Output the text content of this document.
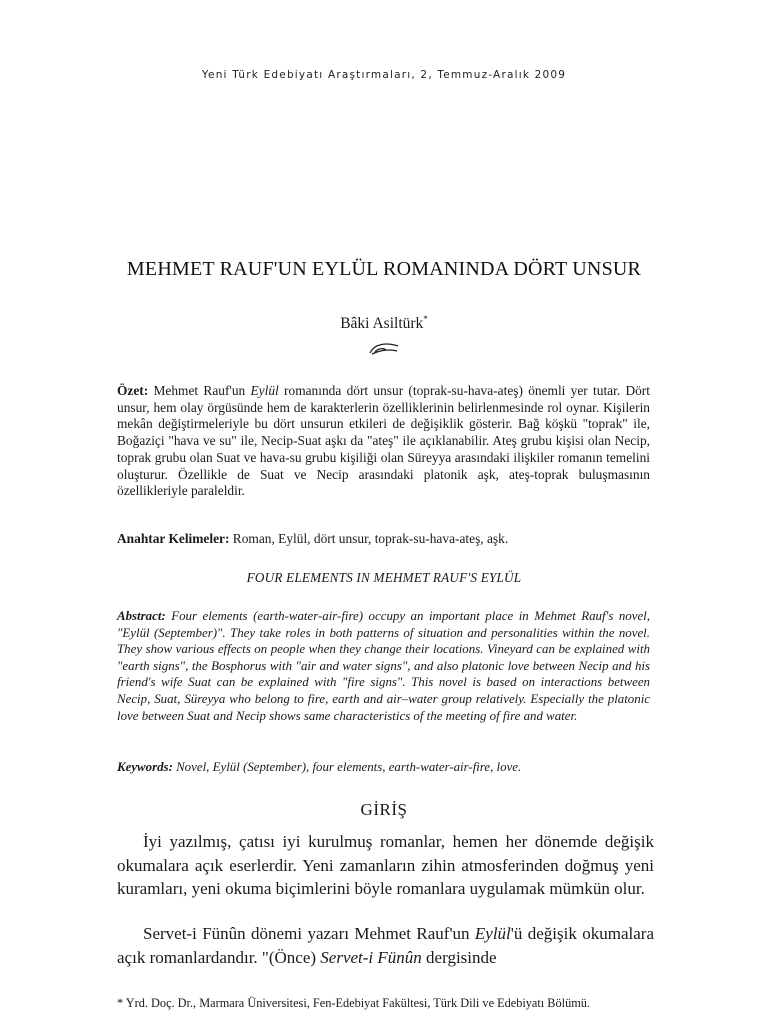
Yeni Türk Edebiyatı Araştırmaları, 2, Temmuz-Aralık 2009
MEHMET RAUF'UN EYLÜL ROMANINDA DÖRT UNSUR
Bâki Asiltürk*

Özet: Mehmet Rauf'un Eylül romanında dört unsur (toprak-su-hava-ateş) önemli yer tutar. Dört unsur, hem olay örgüsünde hem de karakterlerin özelliklerinin belirlenmesinde rol oynar. Kişilerin mekân değiştirmeleriyle bu dört unsurun etkileri de değişiklik gösterir. Bağ köşkü "toprak" ile, Boğaziçi "hava ve su" ile, Necip-Suat aşkı da "ateş" ile açıklanabilir. Ateş grubu kişisi olan Necip, toprak grubu olan Suat ve hava-su grubu kişiliği olan Süreyya arasındaki ilişkiler romanın temelini oluşturur. Özellikle de Suat ve Necip arasındaki platonik aşk, ateş-toprak buluşmasının özellikleriyle paraleldir.

Anahtar Kelimeler: Roman, Eylül, dört unsur, toprak-su-hava-ateş, aşk.

FOUR ELEMENTS IN MEHMET RAUF'S EYLÜL

Abstract: Four elements (earth-water-air-fire) occupy an important place in Mehmet Rauf's novel, "Eylül (September)". They take roles in both patterns of situation and personalities within the novel. They show various effects on people when they change their locations. Vineyard can be explained with "earth signs", the Bosphorus with "air and water signs", and also platonic love between Necip and his friend's wife Suat can be explained with "fire signs". This novel is based on interactions between Necip, Suat, Süreyya who belong to fire, earth and air–water group relatively. Especially the platonic love between Suat and Necip shows same characteristics of the meeting of fire and water.

Keywords: Novel, Eylül (September), four elements, earth-water-air-fire, love.

GİRİŞ

İyi yazılmış, çatısı iyi kurulmuş romanlar, hemen her dönemde değişik okumalara açık eserlerdir. Yeni zamanların zihin atmosferinden doğmuş yeni kuramları, yeni okuma biçimlerini böyle romanlara uygulamak mümkün olur.

Servet-i Fünûn dönemi yazarı Mehmet Rauf'un Eylül'ü değişik okumalara açık romanlardandır. "(Önce) Servet-i Fünûn dergisinde

* Yrd. Doç. Dr., Marmara Üniversitesi, Fen-Edebiyat Fakültesi, Türk Dili ve Edebiyatı Bölümü.
